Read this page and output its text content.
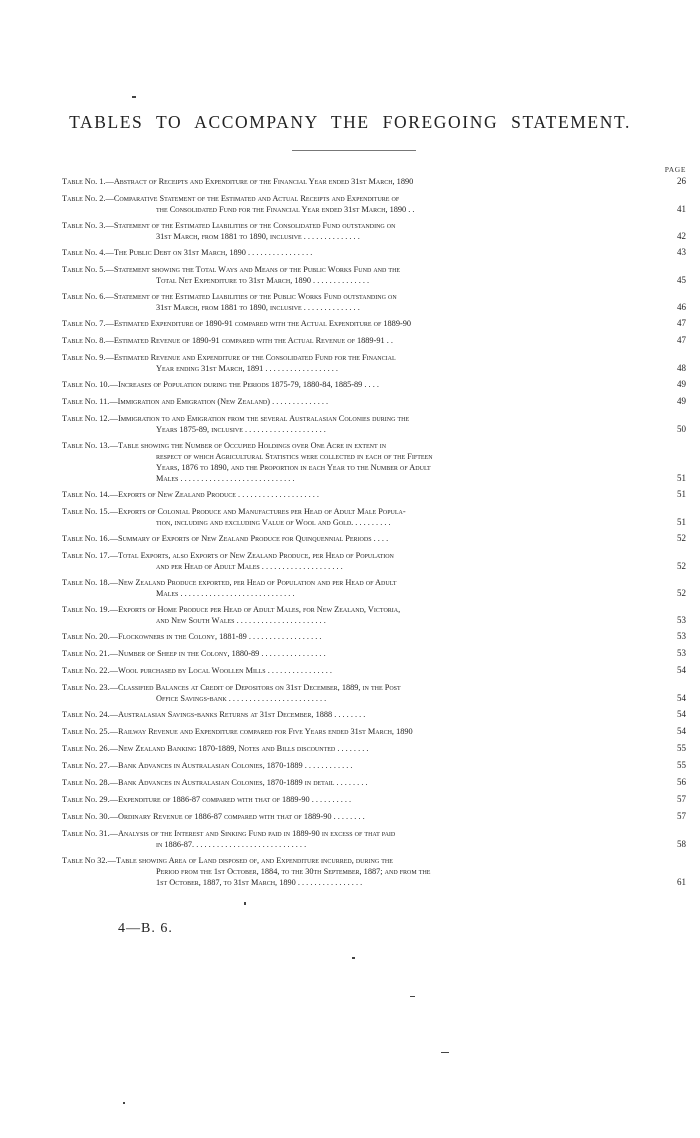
TABLES TO ACCOMPANY THE FOREGOING STATEMENT.
PAGE
Table No. 1. — Abstract of Receipts and Expenditure of the Financial Year ended 31st March, 1890	26
Table No. 2. — Comparative Statement of the Estimated and Actual Receipts and Expenditure of
the Consolidated Fund for the Financial Year ended 31st March, 1890 . .	41
Table No. 3. — Statement of the Estimated Liabilities of the Consolidated Fund outstanding on
31st March, from 1881 to 1890, inclusive . . . . . . . . . . . . . .	42
Table No. 4. — The Public Debt on 31st March, 1890 . . . . . . . . . . . . . . . .	43
Table No. 5. — Statement showing the Total Ways and Means of the Public Works Fund and the
Total Net Expenditure to 31st March, 1890 . . . . . . . . . . . . . .	45
Table No. 6. — Statement of the Estimated Liabilities of the Public Works Fund outstanding on
31st March, from 1881 to 1890, inclusive . . . . . . . . . . . . . .	46
Table No. 7. — Estimated Expenditure of 1890-91 compared with the Actual Expenditure of 1889-90	47
Table No. 8. — Estimated Revenue of 1890-91 compared with the Actual Revenue of 1889-91 . .	47
Table No. 9. — Estimated Revenue and Expenditure of the Consolidated Fund for the Financial
Year ending 31st March, 1891 . . . . . . . . . . . . . . . . . .	48
Table No. 10. — Increases of Population during the Periods 1875-79, 1880-84, 1885-89 . . . .	49
Table No. 11. — Immigration and Emigration (New Zealand) . . . . . . . . . . . . . .	49
Table No. 12. — Immigration to and Emigration from the several Australasian Colonies during the
Years 1875-89, inclusive . . . . . . . . . . . . . . . . . . . .	50
Table No. 13. — Table showing the Number of Occupied Holdings over One Acre in extent in
respect of which Agricultural Statistics were collected in each of the Fifteen
Years, 1876 to 1890, and the Proportion in each Year to the Number of Adult
Males . . . . . . . . . . . . . . . . . . . . . . . . . . . .	51
Table No. 14. — Exports of New Zealand Produce . . . . . . . . . . . . . . . . . . . .	51
Table No. 15. — Exports of Colonial Produce and Manufactures per Head of Adult Male Popula-
tion, including and excluding Value of Wool and Gold. . . . . . . . . .	51
Table No. 16. — Summary of Exports of New Zealand Produce for Quinquennial Periods . . . .	52
Table No. 17. — Total Exports, also Exports of New Zealand Produce, per Head of Population
and per Head of Adult Males . . . . . . . . . . . . . . . . . . . .	52
Table No. 18. — New Zealand Produce exported, per Head of Population and per Head of Adult
Males . . . . . . . . . . . . . . . . . . . . . . . . . . . .	52
Table No. 19. — Exports of Home Produce per Head of Adult Males, for New Zealand, Victoria,
and New South Wales . . . . . . . . . . . . . . . . . . . . . .	53
Table No. 20. — Flockowners in the Colony, 1881-89 . . . . . . . . . . . . . . . . . .	53
Table No. 21. — Number of Sheep in the Colony, 1880-89 . . . . . . . . . . . . . . . .	53
Table No. 22. — Wool purchased by Local Woollen Mills . . . . . . . . . . . . . . . .	54
Table No. 23. — Classified Balances at Credit of Depositors on 31st December, 1889, in the Post
Office Savings-bank . . . . . . . . . . . . . . . . . . . . . . . .	54
Table No. 24. — Australasian Savings-banks Returns at 31st December, 1888 . . . . . . . .	54
Table No. 25. — Railway Revenue and Expenditure compared for Five Years ended 31st March, 1890	54
Table No. 26. — New Zealand Banking 1870-1889, Notes and Bills discounted . . . . . . . .	55
Table No. 27. — Bank Advances in Australasian Colonies, 1870-1889 . . . . . . . . . . . .	55
Table No. 28. — Bank Advances in Australasian Colonies, 1870-1889 in detail . . . . . . . .	56
Table No. 29. — Expenditure of 1886-87 compared with that of 1889-90 . . . . . . . . . .	57
Table No. 30. — Ordinary Revenue of 1886-87 compared with that of 1889-90 . . . . . . . .	57
Table No. 31. — Analysis of the Interest and Sinking Fund paid in 1889-90 in excess of that paid
in 1886-87. . . . . . . . . . . . . . . . . . . . . . . . . . . .	58
Table No 32. — Table showing Area of Land disposed of, and Expenditure incurred, during the
Period from the 1st October, 1884, to the 30th September, 1887; and from the
1st October, 1887, to 31st March, 1890 . . . . . . . . . . . . . . . .	61
4—B. 6.
